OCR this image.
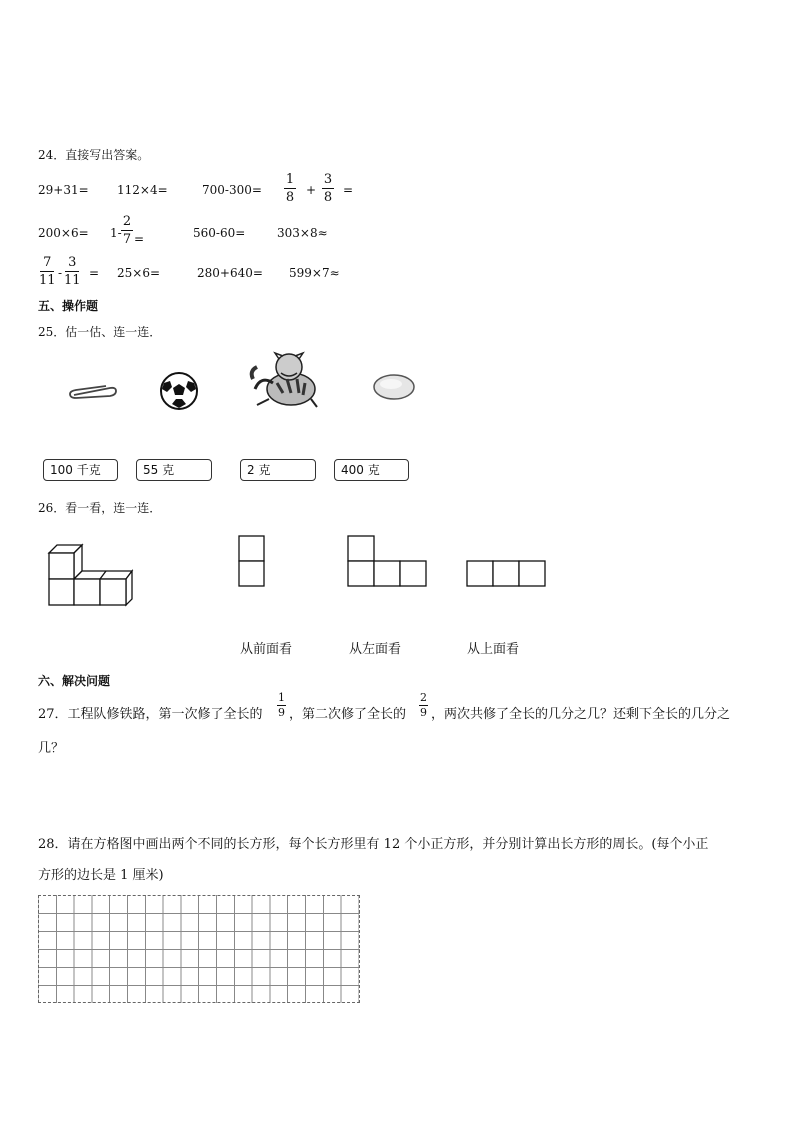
24．直接写出答案。
29+31= 112×4=	700-300=
1
8 +
3
8 =
200×6= 1-
2
7 =	560-60=	303×8≈
7
11 -
3
11 = 25×6=	280+640= 599×7≈
五、操作题
25．估一估、连一连．
100 千克	55 克	2 克	400 克
26．看一看，连一连．
从前面看	从左面看	从上面看
六、解决问题
27．工程队修铁路，第一次修了全长的
1
9 ，第二次修了全长的
2
9 ，两次共修了全长的几分之几？还剩下全长的几分之
几？
28．请在方格图中画出两个不同的长方形，每个长方形里有 12 个小正方形，并分别计算出长方形的周长。(每个小正
方形的边长是 1 厘米)
